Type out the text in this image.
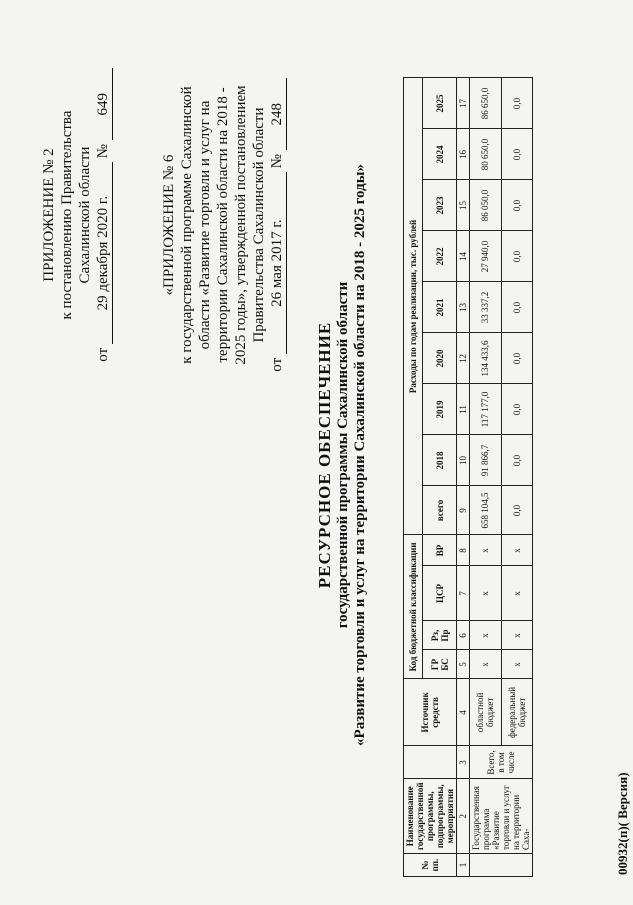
ПРИЛОЖЕНИЕ № 2 к постановлению Правительства Сахалинской области
от 29 декабря 2020 г. № 649
«ПРИЛОЖЕНИЕ № 6 к государственной программе Сахалинской области «Развитие торговли и услуг на территории Сахалинской области на 2018 - 2025 годы», утвержденной постановлением Правительства Сахалинской области
от 26 мая 2017 г. № 248
РЕСУРСНОЕ ОБЕСПЕЧЕНИЕ государственной программы Сахалинской области «Развитие торговли и услуг на территории Сахалинской области на 2018 - 2025 годы»
№ пп.	Наименование государственной программы, подпрограммы, мероприятия		Источник средств	Код бюджетной классификации				Расходы по годам реализации, тыс. рублей								
				ГР БС	Рз, Пр	ЦСР	ВР	всего	2018	2019	2020	2021	2022	2023	2024	2025
1	2	3	4	5	6	7	8	9	10	11	12	13	14	15	16	17
	Государственная программа «Развитие торговли и услуг на территории Саха-	Всего, в том числе	областной бюджет	х	х	х	х	658 104,5	91 866,7	117 177,0	134 433,6	33 337,2	27 940,0	86 050,0	80 650,0	86 650,0
			федеральный бюджет	х	х	х	х	0,0	0,0	0,0	0,0	0,0	0,0	0,0	0,0	0,0
00932(п)( Версия)
